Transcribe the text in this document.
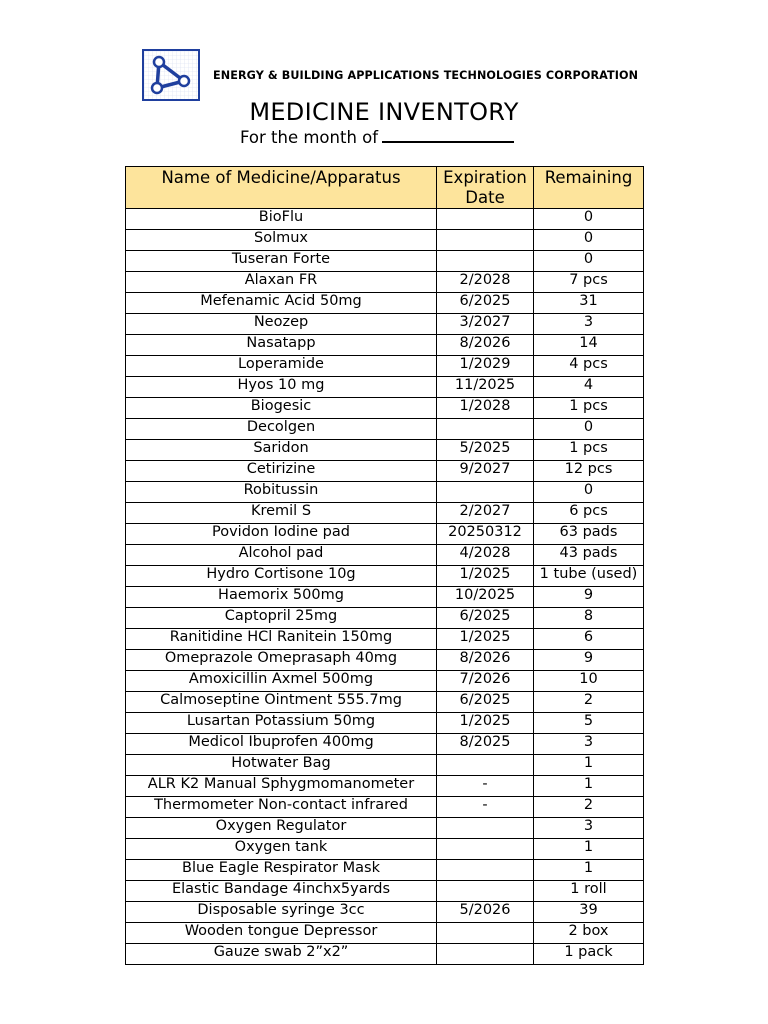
ENERGY & BUILDING APPLICATIONS TECHNOLOGIES CORPORATION
MEDICINE INVENTORY
For the month of
Name of Medicine/Apparatus	Expiration Date	Remaining
BioFlu		0
Solmux		0
Tuseran Forte		0
Alaxan FR	2/2028	7 pcs
Mefenamic Acid 50mg	6/2025	31
Neozep	3/2027	3
Nasatapp	8/2026	14
Loperamide	1/2029	4 pcs
Hyos 10 mg	11/2025	4
Biogesic	1/2028	1 pcs
Decolgen		0
Saridon	5/2025	1 pcs
Cetirizine	9/2027	12 pcs
Robitussin		0
Kremil S	2/2027	6 pcs
Povidon Iodine pad	20250312	63 pads
Alcohol pad	4/2028	43 pads
Hydro Cortisone 10g	1/2025	1 tube (used)
Haemorix 500mg	10/2025	9
Captopril 25mg	6/2025	8
Ranitidine HCl Ranitein 150mg	1/2025	6
Omeprazole Omeprasaph 40mg	8/2026	9
Amoxicillin Axmel 500mg	7/2026	10
Calmoseptine Ointment 555.7mg	6/2025	2
Lusartan Potassium 50mg	1/2025	5
Medicol Ibuprofen 400mg	8/2025	3
Hotwater Bag		1
ALR K2 Manual Sphygmomanometer	-	1
Thermometer Non-contact infrared	-	2
Oxygen Regulator		3
Oxygen tank		1
Blue Eagle Respirator Mask		1
Elastic Bandage 4inchx5yards		1 roll
Disposable syringe 3cc	5/2026	39
Wooden tongue Depressor		2 box
Gauze swab 2”x2”		1 pack
